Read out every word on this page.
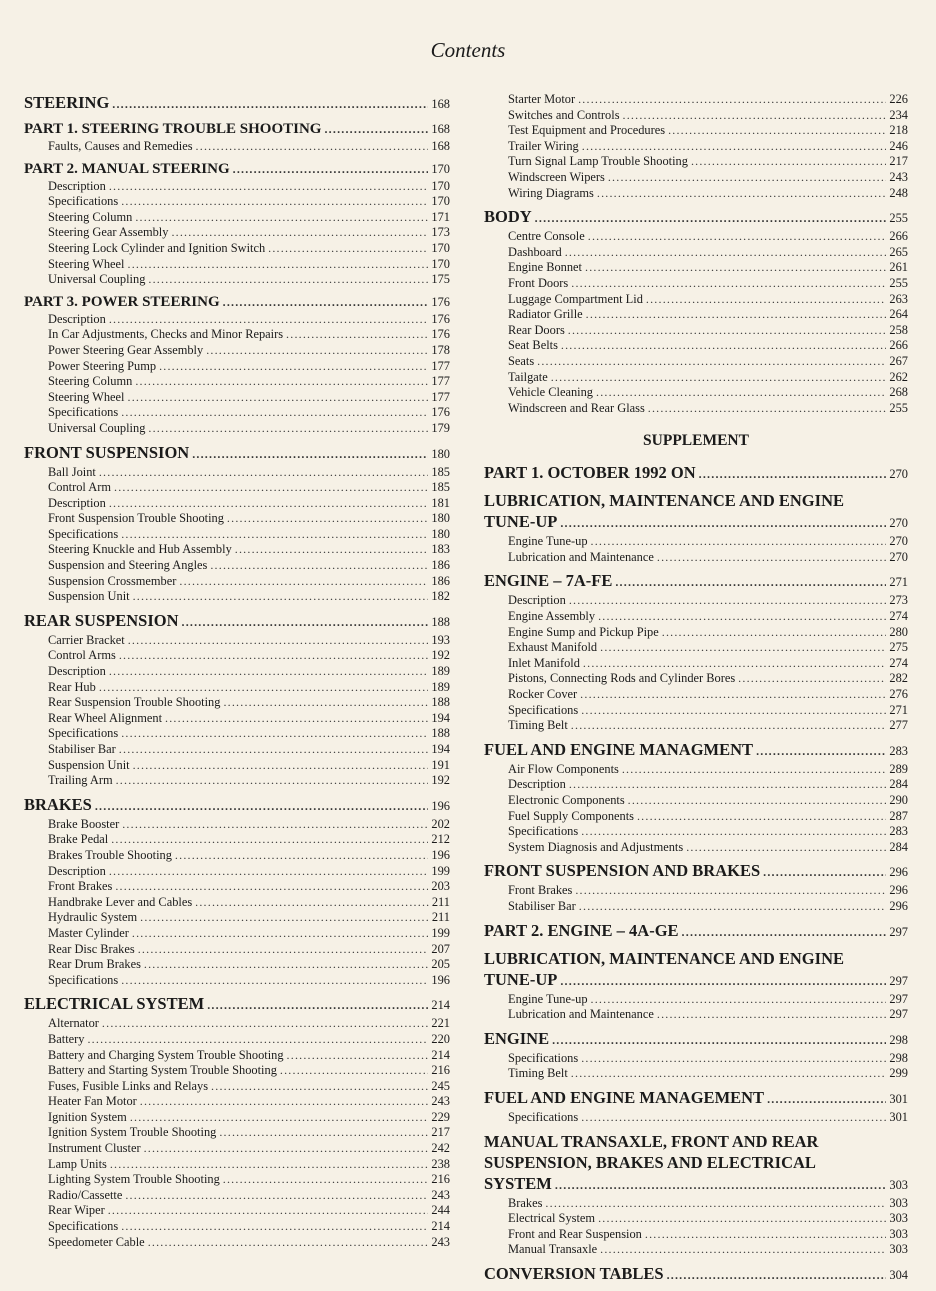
Contents
STEERING .....	168
PART 1. STEERING TROUBLE SHOOTING .....	168
Faults, Causes and Remedies .....	168
PART 2. MANUAL STEERING .....	170
Description .....	170
Specifications .....	170
Steering Column .....	171
Steering Gear Assembly .....	173
Steering Lock Cylinder and Ignition Switch .....	170
Steering Wheel .....	170
Universal Coupling .....	175
PART 3. POWER STEERING .....	176
Description .....	176
In Car Adjustments, Checks and Minor Repairs .....	176
Power Steering Gear Assembly .....	178
Power Steering Pump .....	177
Steering Column .....	177
Steering Wheel .....	177
Specifications .....	176
Universal Coupling .....	179
FRONT SUSPENSION .....	180
Ball Joint .....	185
Control Arm .....	185
Description .....	181
Front Suspension Trouble Shooting .....	180
Specifications .....	180
Steering Knuckle and Hub Assembly .....	183
Suspension and Steering Angles .....	186
Suspension Crossmember .....	186
Suspension Unit .....	182
REAR SUSPENSION .....	188
Carrier Bracket .....	193
Control Arms .....	192
Description .....	189
Rear Hub .....	189
Rear Suspension Trouble Shooting .....	188
Rear Wheel Alignment .....	194
Specifications .....	188
Stabiliser Bar .....	194
Suspension Unit .....	191
Trailing Arm .....	192
BRAKES .....	196
Brake Booster .....	202
Brake Pedal .....	212
Brakes Trouble Shooting .....	196
Description .....	199
Front Brakes .....	203
Handbrake Lever and Cables .....	211
Hydraulic System .....	211
Master Cylinder .....	199
Rear Disc Brakes .....	207
Rear Drum Brakes .....	205
Specifications .....	196
ELECTRICAL SYSTEM .....	214
Alternator .....	221
Battery .....	220
Battery and Charging System Trouble Shooting .....	214
Battery and Starting System Trouble Shooting .....	216
Fuses, Fusible Links and Relays .....	245
Heater Fan Motor .....	243
Ignition System .....	229
Ignition System Trouble Shooting .....	217
Instrument Cluster .....	242
Lamp Units .....	238
Lighting System Trouble Shooting .....	216
Radio/Cassette .....	243
Rear Wiper .....	244
Specifications .....	214
Speedometer Cable .....	243
Starter Motor .....	226
Switches and Controls .....	234
Test Equipment and Procedures .....	218
Trailer Wiring .....	246
Turn Signal Lamp Trouble Shooting .....	217
Windscreen Wipers .....	243
Wiring Diagrams .....	248
BODY .....	255
Centre Console .....	266
Dashboard .....	265
Engine Bonnet .....	261
Front Doors .....	255
Luggage Compartment Lid .....	263
Radiator Grille .....	264
Rear Doors .....	258
Seat Belts .....	266
Seats .....	267
Tailgate .....	262
Vehicle Cleaning .....	268
Windscreen and Rear Glass .....	255
SUPPLEMENT
PART 1. OCTOBER 1992 ON .....	270
LUBRICATION, MAINTENANCE AND ENGINE
TUNE-UP .....	270
Engine Tune-up .....	270
Lubrication and Maintenance .....	270
ENGINE – 7A-FE .....	271
Description .....	273
Engine Assembly .....	274
Engine Sump and Pickup Pipe .....	280
Exhaust Manifold .....	275
Inlet Manifold .....	274
Pistons, Connecting Rods and Cylinder Bores .....	282
Rocker Cover .....	276
Specifications .....	271
Timing Belt .....	277
FUEL AND ENGINE MANAGMENT .....	283
Air Flow Components .....	289
Description .....	284
Electronic Components .....	290
Fuel Supply Components .....	287
Specifications .....	283
System Diagnosis and Adjustments .....	284
FRONT SUSPENSION AND BRAKES .....	296
Front Brakes .....	296
Stabiliser Bar .....	296
PART 2. ENGINE – 4A-GE .....	297
LUBRICATION, MAINTENANCE AND ENGINE
TUNE-UP .....	297
Engine Tune-up .....	297
Lubrication and Maintenance .....	297
ENGINE .....	298
Specifications .....	298
Timing Belt .....	299
FUEL AND ENGINE MANAGEMENT .....	301
Specifications .....	301
MANUAL TRANSAXLE, FRONT AND REAR
SUSPENSION, BRAKES AND ELECTRICAL
SYSTEM .....	303
Brakes .....	303
Electrical System .....	303
Front and Rear Suspension .....	303
Manual Transaxle .....	303
CONVERSION TABLES .....	304
